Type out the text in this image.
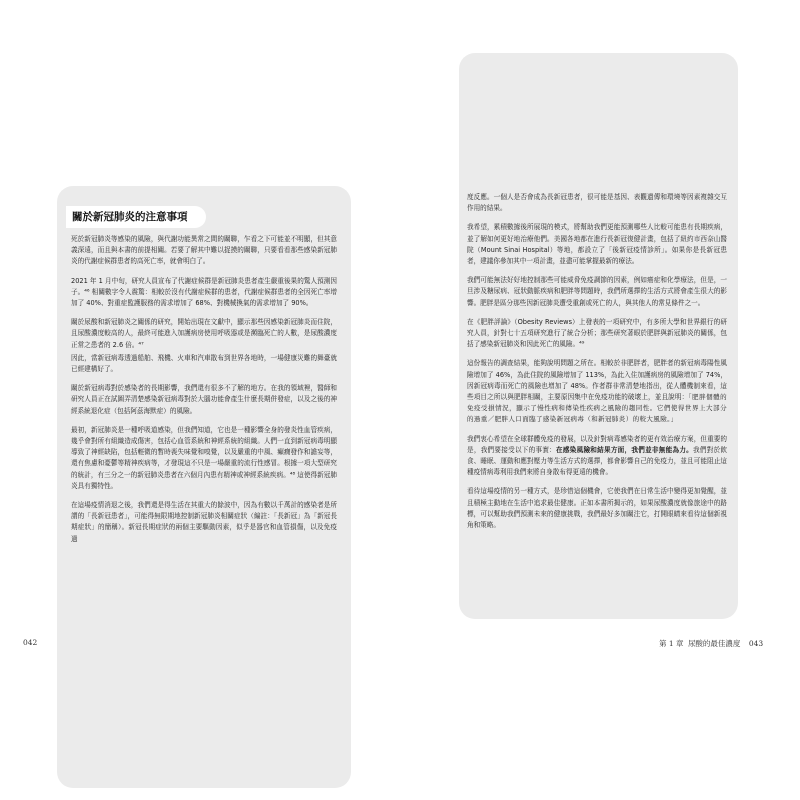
關於新冠肺炎的注意事項

死於新冠肺炎等感染的風險，與代謝功能異常之間的關聯，乍看之下可能並不明顯，但其意義深遠，而且與本書的前提相關。若要了解其中難以捉摸的關聯，只要看看那些感染新冠肺炎的代謝症候群患者的高死亡率，就會明白了。

2021 年 1 月中旬，研究人員宣布了代謝症候群是新冠肺炎患者產生嚴重後果的驚人預測因子。⁴⁶ 相關數字令人震驚：相較於沒有代謝症候群的患者，代謝症候群患者的全因死亡率增加了 40%、對重症監護服務的需求增加了 68%、對機械換氣的需求增加了 90%。

關於尿酸和新冠肺炎之關係的研究，開始出現在文獻中，顯示那些因感染新冠肺炎而住院，且尿酸濃度較高的人，最終可能進入加護病房使用呼吸器或是瀕臨死亡的人數，是尿酸濃度正常之患者的 2.6 倍。⁴⁷

因此，當新冠病毒透過船舶、飛機、火車和汽車散布到世界各地時，一場健康災難的舞臺就已經建構好了。

關於新冠病毒對於感染者的長期影響，我們還有很多不了解的地方。在我的領域裡，醫師和研究人員正在試圖弄清楚感染新冠病毒對於大腦功能會產生什麼長期併發症，以及之後的神經系統退化症（包括阿茲海默症）的風險。

最初，新冠肺炎是一種呼吸道感染，但我們知道，它也是一種影響全身的發炎性血管疾病，幾乎會對所有組織造成傷害，包括心血管系統和神經系統的組織。人們一直到新冠病毒明顯導致了神經缺陷，包括輕微的暫時喪失味覺和嗅覺，以及嚴重的中風、癲癇發作和譫妄等，還有焦慮和憂鬱等精神疾病等，才發現這不只是一場嚴重的流行性感冒。根據一項大型研究的統計，有三分之一的新冠肺炎患者在六個月內患有精神或神經系統疾病。⁴⁸ 這使得新冠肺炎具有獨特性。

在這場疫情消退之後，我們還是得生活在其重大的餘波中，因為有數以千萬計的感染者是所謂的「長新冠患者」，可能得無限期地控制新冠肺炎相關症狀（編註：「長新冠」為「新冠長期症狀」的簡稱）。新冠長期症狀的兩個主要驅動因素，似乎是器官和血管損傷，以及免疫過

度反應。一個人是否會成為長新冠患者，很可能是基因、表觀遺傳和環境等因素複雜交互作用的結果。

我希望，累積數據後所展現的模式，將幫助我們更能預測哪些人比較可能患有長期疾病，並了解如何更好地治療他們。美國各地都在進行長新冠復健計畫，包括了紐約市西奈山醫院（Mount Sinai Hospital）等地，都設立了「後新冠疫情診所」。如果你是長新冠患者，建議你參加其中一項計畫，並盡可能掌握最新的療法。

我們可能無法好好地控制那些可能威脅免疫調節的因素，例如癌症和化學療法，但是，一旦涉及糖尿病、冠狀動脈疾病和肥胖等問題時，我們所選擇的生活方式將會產生很大的影響。肥胖是區分那些因新冠肺炎遭受重創或死亡的人，與其他人的常見條件之一。

在《肥胖評論》（Obesity Reviews）上發表的一項研究中，有多所大學和世界銀行的研究人員，針對七十五項研究進行了統合分析；那些研究著眼於肥胖與新冠肺炎的關係，包括了感染新冠肺炎和因此死亡的風險。⁴⁹

這份報告的調查結果，能夠說明問題之所在。相較於非肥胖者，肥胖者的新冠病毒陽性風險增加了 46%，為此住院的風險增加了 113%，為此入住加護病房的風險增加了 74%，因新冠病毒而死亡的風險也增加了 48%。作者群非常清楚地指出，從人體機制來看，這些項目之所以與肥胖相關，主要原因集中在免疫功能的破壞上，並且說明：「肥胖個體的免疫受損情況，顯示了慢性病和傳染性疾病之風險的趨同性。它們使得世界上大部分的過重／肥胖人口面臨了感染新冠病毒（和新冠肺炎）的較大風險。」

我們衷心希望在全球群體免疫的發展，以及針對病毒感染者的更有效治療方案，但重要的是，我們要接受以下的事實：在感染風險和結果方面，我們並非無能為力。我們對於飲食、睡眠、運動和應對壓力等生活方式的選擇，都會影響自己的免疫力，並且可能阻止這種疫情病毒利用我們來將自身散布得更遠的機會。

看待這場疫情的另一種方式，是珍惜這個機會，它使我們在日常生活中變得更加覺醒，並且積極主動地在生活中追求最佳健康。正如本書所揭示的，如果尿酸濃度就像旅途中的路標，可以幫助我們預測未來的健康挑戰，我們最好多加關注它，打開眼睛來看待這個新視角和策略。

042	第 1 章 尿酸的最佳濃度 043
